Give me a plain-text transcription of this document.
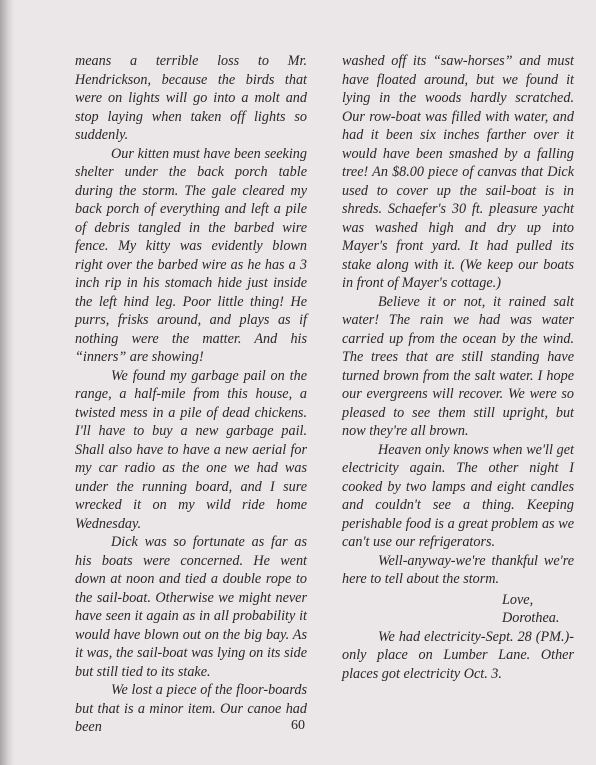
means a terrible loss to Mr. Hendrickson, because the birds that were on lights will go into a molt and stop laying when taken off lights so suddenly.

Our kitten must have been seeking shelter under the back porch table during the storm. The gale cleared my back porch of everything and left a pile of debris tangled in the barbed wire fence. My kitty was evidently blown right over the barbed wire as he has a 3 inch rip in his stomach hide just inside the left hind leg. Poor little thing! He purrs, frisks around, and plays as if nothing were the matter. And his “inners” are showing!

We found my garbage pail on the range, a half-mile from this house, a twisted mess in a pile of dead chickens. I'll have to buy a new garbage pail. Shall also have to have a new aerial for my car radio as the one we had was under the running board, and I sure wrecked it on my wild ride home Wednesday.

Dick was so fortunate as far as his boats were concerned. He went down at noon and tied a double rope to the sail-boat. Otherwise we might never have seen it again as in all probability it would have blown out on the big bay. As it was, the sail-boat was lying on its side but still tied to its stake.

We lost a piece of the floor-boards but that is a minor item. Our canoe had been

washed off its “saw-horses” and must have floated around, but we found it lying in the woods hardly scratched. Our row-boat was filled with water, and had it been six inches farther over it would have been smashed by a falling tree! An $8.00 piece of canvas that Dick used to cover up the sail-boat is in shreds. Schaefer's 30 ft. pleasure yacht was washed high and dry up into Mayer's front yard. It had pulled its stake along with it. (We keep our boats in front of Mayer's cottage.)

Believe it or not, it rained salt water! The rain we had was water carried up from the ocean by the wind. The trees that are still standing have turned brown from the salt water. I hope our evergreens will recover. We were so pleased to see them still upright, but now they're all brown.

Heaven only knows when we'll get electricity again. The other night I cooked by two lamps and eight candles and couldn't see a thing. Keeping perishable food is a great problem as we can't use our refrigerators.

Well-anyway-we're thankful we're here to tell about the storm.

Love,

Dorothea.

We had electricity-Sept. 28 (PM.)-only place on Lumber Lane. Other places got electricity Oct. 3.

60
